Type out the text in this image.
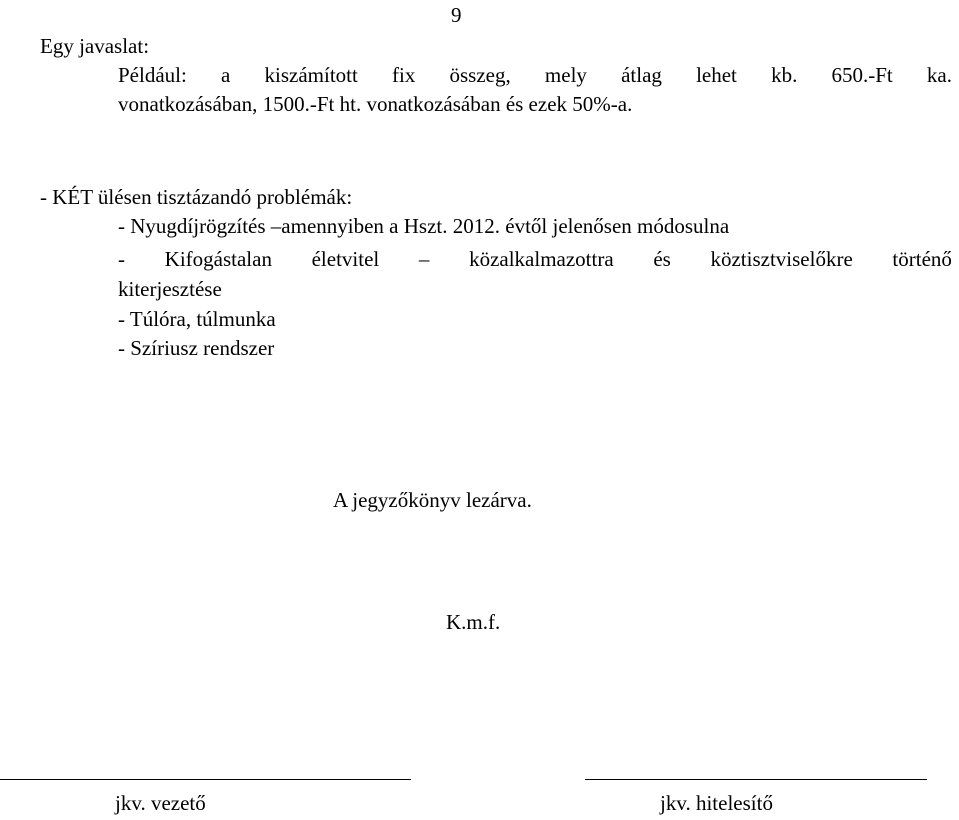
9
Egy javaslat:
Például: a kiszámított fix összeg, mely átlag lehet kb. 650.-Ft ka.
vonatkozásában, 1500.-Ft ht. vonatkozásában és ezek 50%-a.
- KÉT ülésen tisztázandó problémák:
- Nyugdíjrögzítés –amennyiben a Hszt. 2012. évtől jelenősen módosulna
- Kifogástalan életvitel – közalkalmazottra és köztisztviselőkre történő
kiterjesztése
- Túlóra, túlmunka
- Szíriusz rendszer
A jegyzőkönyv lezárva.
K.m.f.
jkv. vezető	jkv. hitelesítő
